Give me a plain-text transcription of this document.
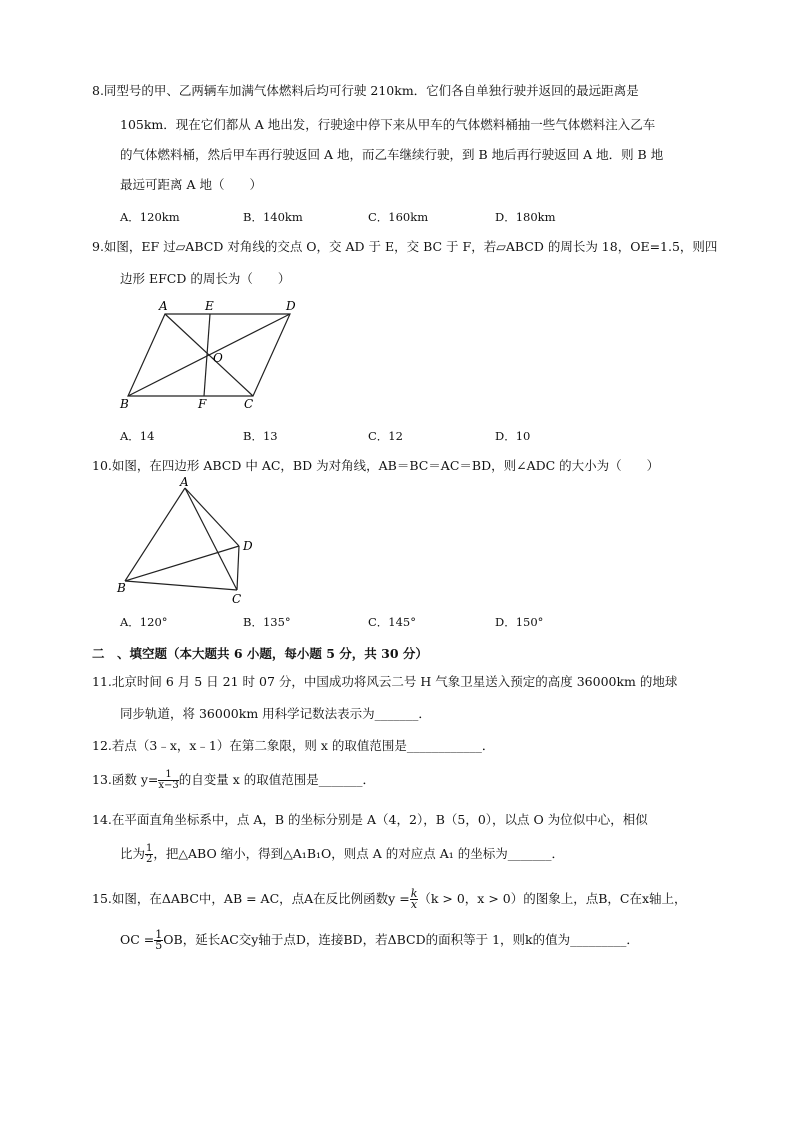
8.同型号的甲、乙两辆车加满气体燃料后均可行驶 210km．它们各自单独行驶并返回的最远距离是
105km．现在它们都从 A 地出发，行驶途中停下来从甲车的气体燃料桶抽一些气体燃料注入乙车
的气体燃料桶，然后甲车再行驶返回 A 地，而乙车继续行驶，到 B 地后再行驶返回 A 地．则 B 地
最远可距离 A 地（　　）
A．120km	B．140km	C．160km	D．180km
9.如图，EF 过▱ABCD 对角线的交点 O，交 AD 于 E，交 BC 于 F，若▱ABCD 的周长为 18，OE=1.5，则四
边形 EFCD 的周长为（　　）
A	E	D
O
B	F	C
A．14	B．13	C．12	D．10
10.如图，在四边形 ABCD 中 AC，BD 为对角线，AB＝BC＝AC＝BD，则∠ADC 的大小为（　　）
A
D
B
C
A．120°	B．135°	C．145°	D．150°
二　、填空题（本大题共 6 小题，每小题 5 分，共 30 分）
11.北京时间 6 月 5 日 21 时 07 分，中国成功将风云二号 H 气象卫星送入预定的高度 36000km 的地球
同步轨道，将 36000km 用科学记数法表示为_______．
12.若点（3﹣x，x﹣1）在第二象限，则 x 的取值范围是____________．
13.函数 $y= \frac{1}{x-3}$ 的自变量 x 的取值范围是_______．
14.在平面直角坐标系中，点 A，B 的坐标分别是 A（4，2），B（5，0），以点 O 为位似中心，相似
比为 $\frac{1}{2}$ ，把△ABO 缩小，得到△A₁B₁O，则点 A 的对应点 A₁ 的坐标为_______．
15.如图，在ΔABC中，AB = AC，点A在反比例函数$y = \frac{k}{x} (k > 0$，x > 0）的图象上，点B，C在x轴上，
OC = $\frac{1}{5}$ OB，延长AC交y轴于点D，连接BD，若ΔBCD的面积等于 1，则k的值为_________．
